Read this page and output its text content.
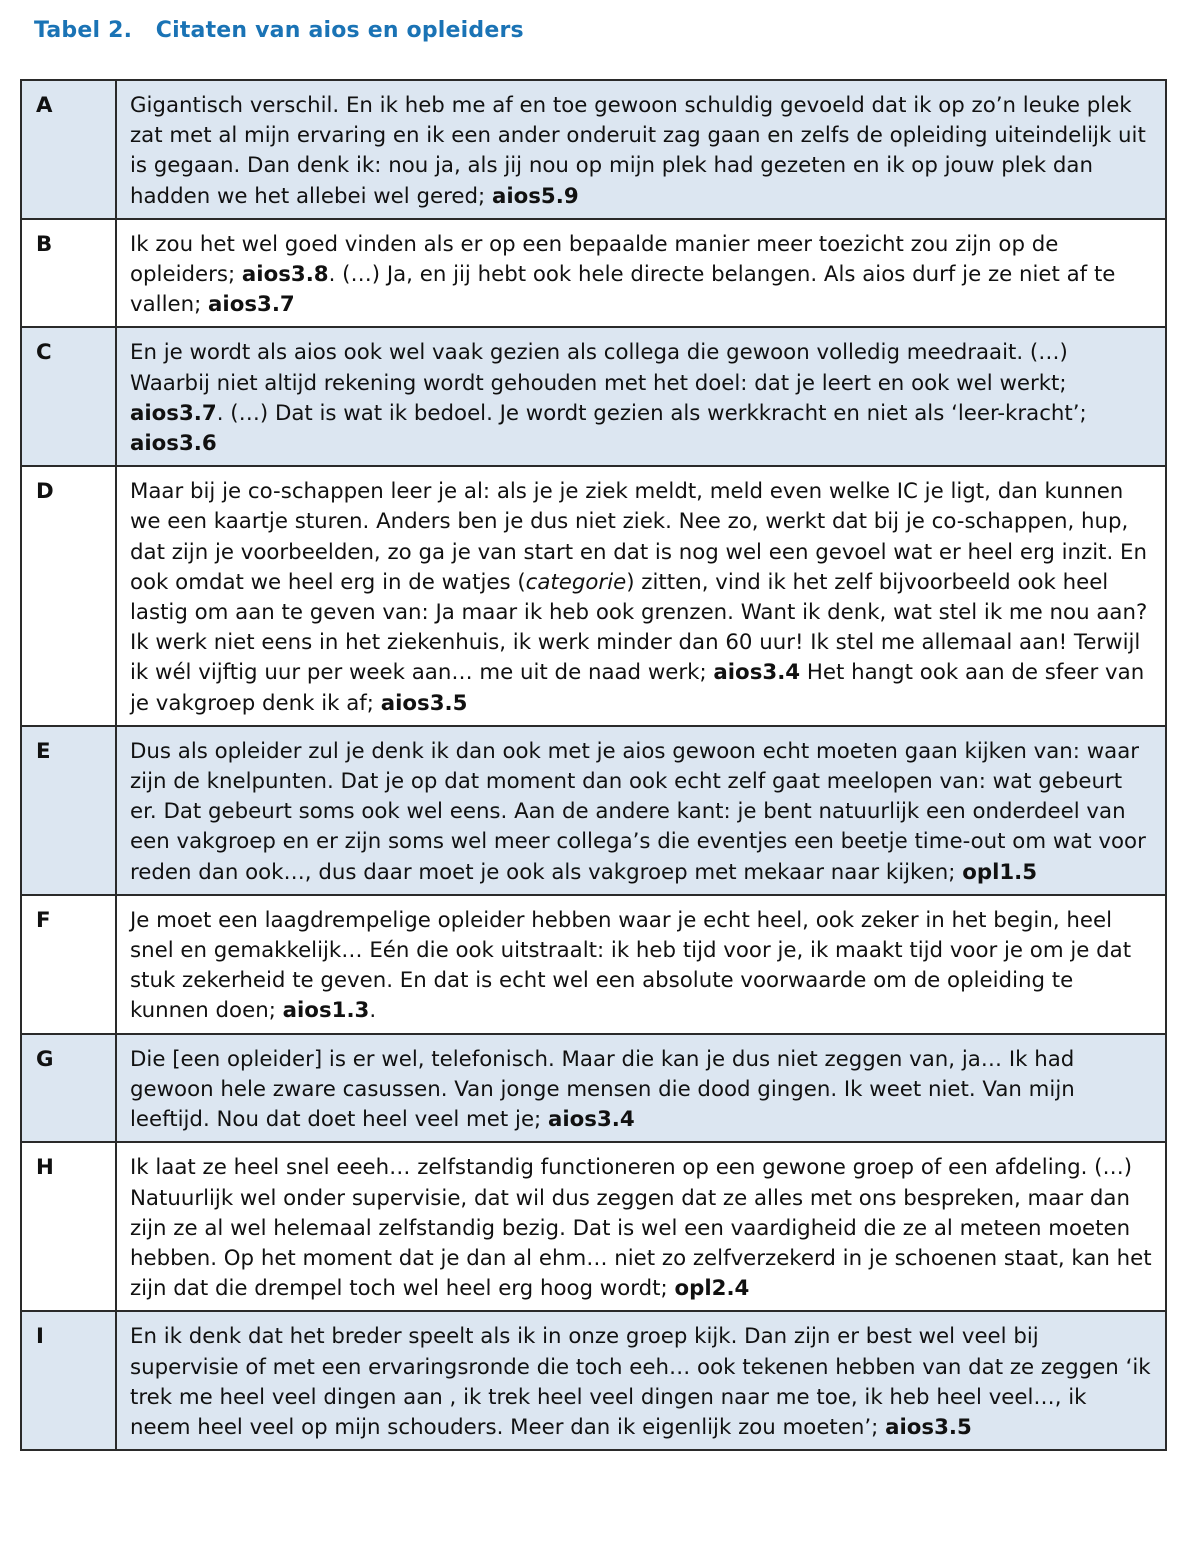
Tabel 2.   Citaten van aios en opleiders
A	Gigantisch verschil. En ik heb me af en toe gewoon schuldig gevoeld dat ik op zo’n leuke plek zat met al mijn ervaring en ik een ander onderuit zag gaan en zelfs de opleiding uiteindelijk uit is gegaan. Dan denk ik: nou ja, als jij nou op mijn plek had gezeten en ik op jouw plek dan hadden we het allebei wel gered; aios5.9
B	Ik zou het wel goed vinden als er op een bepaalde manier meer toezicht zou zijn op de opleiders; aios3.8. (…) Ja, en jij hebt ook hele directe belangen. Als aios durf je ze niet af te vallen; aios3.7
C	En je wordt als aios ook wel vaak gezien als collega die gewoon volledig meedraait. (…) Waarbij niet altijd rekening wordt gehouden met het doel: dat je leert en ook wel werkt; aios3.7. (…) Dat is wat ik bedoel. Je wordt gezien als werkkracht en niet als ‘leer-kracht’; aios3.6
D	Maar bij je co-schappen leer je al: als je je ziek meldt, meld even welke IC je ligt, dan kunnen we een kaartje sturen. Anders ben je dus niet ziek. Nee zo, werkt dat bij je co-schappen, hup, dat zijn je voorbeelden, zo ga je van start en dat is nog wel een gevoel wat er heel erg inzit. En ook omdat we heel erg in de watjes (categorie) zitten, vind ik het zelf bijvoorbeeld ook heel lastig om aan te geven van: Ja maar ik heb ook grenzen. Want ik denk, wat stel ik me nou aan? Ik werk niet eens in het ziekenhuis, ik werk minder dan 60 uur! Ik stel me allemaal aan! Terwijl ik wél vijftig uur per week aan… me uit de naad werk; aios3.4 Het hangt ook aan de sfeer van je vakgroep denk ik af; aios3.5
E	Dus als opleider zul je denk ik dan ook met je aios gewoon echt moeten gaan kijken van: waar zijn de knelpunten. Dat je op dat moment dan ook echt zelf gaat meelopen van: wat gebeurt er. Dat gebeurt soms ook wel eens. Aan de andere kant: je bent natuurlijk een onderdeel van een vakgroep en er zijn soms wel meer collega’s die eventjes een beetje time-out om wat voor reden dan ook…, dus daar moet je ook als vakgroep met mekaar naar kijken; opl1.5
F	Je moet een laagdrempelige opleider hebben waar je echt heel, ook zeker in het begin, heel snel en gemakkelijk… Eén die ook uitstraalt: ik heb tijd voor je, ik maakt tijd voor je om je dat stuk zekerheid te geven. En dat is echt wel een absolute voorwaarde om de opleiding te kunnen doen; aios1.3.
G	Die [een opleider] is er wel, telefonisch. Maar die kan je dus niet zeggen van, ja… Ik had gewoon hele zware casussen. Van jonge mensen die dood gingen. Ik weet niet. Van mijn leeftijd. Nou dat doet heel veel met je; aios3.4
H	Ik laat ze heel snel eeeh… zelfstandig functioneren op een gewone groep of een afdeling. (…) Natuurlijk wel onder supervisie, dat wil dus zeggen dat ze alles met ons bespreken, maar dan zijn ze al wel helemaal zelfstandig bezig. Dat is wel een vaardigheid die ze al meteen moeten hebben. Op het moment dat je dan al ehm… niet zo zelfverzekerd in je schoenen staat, kan het zijn dat die drempel toch wel heel erg hoog wordt; opl2.4
I	En ik denk dat het breder speelt als ik in onze groep kijk. Dan zijn er best wel veel bij supervisie of met een ervaringsronde die toch eeh… ook tekenen hebben van dat ze zeggen ‘ik trek me heel veel dingen aan , ik trek heel veel dingen naar me toe, ik heb heel veel…, ik neem heel veel op mijn schouders. Meer dan ik eigenlijk zou moeten’; aios3.5
